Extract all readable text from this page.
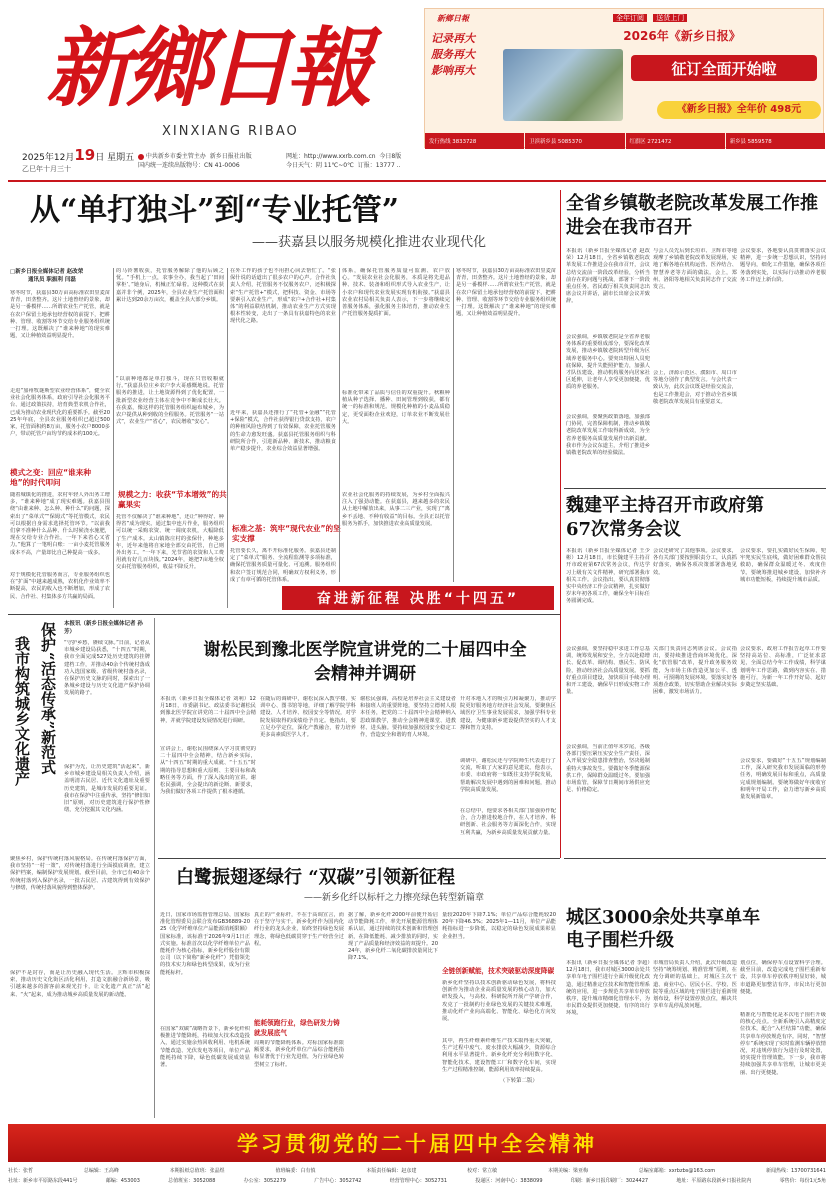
新鄉日報
XINXIANG RIBAO
2025年12月19日 星期五
乙巳年十月三十
中共新乡市委主管主办 新乡日报社出版
国内统一连续出版物号：CN 41-0006
网址：http://www.xxrb.com.cn 今日8版
今日天气：阴 11℃~0℃ 订报：13777 ..
新鄉日報	全年订阅 送货上门
2026年《新乡日报》
记录再大
服务再大
影响再大	征订全面开始啦
《新乡日报》全年价 498元
发行热线 3833728	卫滨新乡县 5085370	红旗区 2721472	新乡县 5859578
从“单打独斗”到“专业托管”
——获嘉县以服务规模化推进农业现代化
□新乡日报全媒体记者 赵改荣
通讯员 职振利 闫磊
寒冬时节，获嘉县30万亩高标准农田里麦苗青青，田垄整齐。这片土地曾经的景象，却是另一番模样……所谓农业生产托管，就是在农户保留土地承包经营权的前提下，把耕种、管理、收割等环节交给专业服务组织统一打理。这既解决了“谁来种地”的现实难题，又让种植效益明显提升。
走进“加州牧谜斯型农业经营体系”，健全农业社会化服务体系，政府引导社会化服务平台、通过政策扶持，培育典型农机合作社，已成为推动农业现代化的重要抓手。截至2025年年底，全县农业服务组织已超过500家，托管面积约8万亩，服务小农户8000多户，带动托管户亩均节约成本约100元。
模式之变：回应“谁来种地”的时代叩问
随着城镇化的推进，农村年轻人外出务工增多，“谁来种地”成了现实难题。获嘉县围绕“由谁来种、怎么种、种什么”的问题，探索出了“菜单式”“保姆式”等托管模式，农民可以根据自身需求选择托管环节。“以前我们拿不准种什么品种、什么时候浇水施肥，现在交给专业合作社，一年下来省心又省力。”他算了一笔明白账：一亩小麦托管服务成本不高，产量却比自己种提高一成多。
对于规模化托管服务而言，专业服务组织也在“扩面”中越来越成熟，农机化作业效率不断提高，农民的收入也不断增加，形成了农民、合作社、村集体多方共赢的局面。
的马铃薯收获，托管服务解除了他的后顾之忧。“手机上一点，农事全办，我当起了‘田间掌柜’。”她身后，机械正忙碌着。这种模式在获嘉并非个例，2025年，全县农业生产托管面积累计达到20余万亩次，覆盖全县大部分乡镇。
“以前种地都是单打独斗，现在只管收粮就行。”获嘉县位庄乡农户李大哥感慨地说。托管服务的推进，让土地资源得到了优化配置，一批新型农业经营主体在竞争中不断成长壮大。在获嘉，像这样的托管服务组织遍布城乡，为农户提供从种到收的全程服务。托管服务“一站式”，农业生产“省心”，农民增收“安心”。
规模之力：收获“节本增效”的共赢果实
托管不仅解决了“谁来种地”，还让“种得好、种得省”成为现实。通过集中连片作业，服务组织可以统一采购农资、统一调度农机，大幅降低了生产成本。太山镇陈庄村的张保什，种地多年，近年来他将自家地全部交由托管，自己则外出务工。“一年下来，光节省的农资和人工费用就有好几百块钱。”2024年，她把7亩地全权交由托管服务组织，收益不降反升。
在外工作的孩子也不用担心回去帮忙了。“张保什说的话道出了很多农户的心声。合作社负责人介绍，托管服务不仅服务农户，还积极探索“生产托管+”模式，把科技、资金、市场等要素引入农业生产，形成“农户+合作社+村集体”的利益联结机制，推动农业生产方式实现根本性转变，走出了一条具有获嘉特色的农业现代化之路。
近年来，获嘉县还推行了“托管+金融”“托管+保险”模式，合作社获得银行贷款支持，农户的种植风险也得到了有效保障，农业托管服务的生命力愈发旺盛。获嘉县托管服务组织与科研院所合作，引进新品种、新技术，推动粮食单产稳步提升，农业综合效益显著增强。
标准之基：筑牢“现代农业”的坚实支撑
托管要长久，离不开标准化服务。获嘉县还制定了“菜单式”服务、全流程监测等多项标准，确保托管服务质量可量化、可追溯。服务组织和农户签订规范合同，明确双方权利义务，形成了有章可循的托管体系。
体系，确保托管服务质量可监测、农户放心。“发展农业社会化服务，本质是将先进品种、技术、装备和组织形式导入农业生产，让小农户和现代农业发展实现有机衔接。”获嘉县农业农村局相关负责人表示，下一步将继续完善服务体系，强化服务主体培育，推动农业生产托管服务提质扩面。
标准化带来了品质与信任的双重提升。秋粮种植从种子选择、播种、田间管理到收获，都有统一的标准和规范。规模化种植的小麦品质稳定，更受面粉企业欢迎，订单农业不断发展壮大。
农业社会化服务的持续发展，为乡村全面振兴注入了强劲动能。在获嘉县，越来越多的农民从土地中解放出来，从事二三产业，实现了“离乡不丢地、不种有收益”的目标。全县正以托管服务为抓手，加快推进农业高质量发展。
寒冬时节，获嘉县30万亩高标准农田里麦苗青青，田垄整齐。这片土地曾经的景象，却是另一番模样……所谓农业生产托管，就是在农户保留土地承包经营权的前提下，把耕种、管理、收割等环节交给专业服务组织统一打理。这既解决了“谁来种地”的现实难题，又让种植效益明显提升。
奋进新征程 决胜“十四五”
全省乡镇敬老院改革发展工作推进会在我市召开
本报讯（新乡日报全媒体记者 赵改荣）12月18日，全省乡镇敬老院改革发展工作推进会在我市召开，会议总结交流前一阶段改革经验，分析当前存在的问题与挑战，部署下一阶段重点任务。省民政厅相关负责同志出席会议并讲话，副市长出席会议并致辞。
会议强调，乡镇敬老院是全省养老服务体系的重要组成部分，要深化改革发展，推动乡镇敬老院转型升级为区域养老服务中心。要突出特困人员兜底保障，提升失能照护能力，加强人才队伍建设，推动机构服务向居家社区延伸，让老年人享受更加便捷、优质的养老服务。
会议强调，要聚焦政策落地，加强部门协同，完善保障机制，推动乡镇敬老院改革发展工作取得新成效，为全省养老服务高质量发展作出新贡献。我市作为会议东道主，介绍了推进乡镇敬老院改革的经验做法。
与会人员先后到长垣市、卫辉市等地观摩了乡镇敬老院改革发展现场，实地了解各地在机构运营、医养结合、智慧养老等方面的做法。会上，郑州、洛阳等地相关负责同志作了交流发言。
会上，济源示范区、濮阳市、周口市等地分别作了典型发言。与会代表一致认为，此次会议既是经验交流会，也是工作推进会，对于推动全省乡镇敬老院改革发展具有重要意义。
会议要求，各地要认真贯彻落实会议精神，进一步统一思想认识，坚持问题导向，细化工作措施，确保各项任务落到实处，以实际行动推动养老服务工作迈上新台阶。
魏建平主持召开市政府第67次常务会议
本报讯（新乡日报全媒体记者 王少彬）12月18日，市长魏建平主持召开市政府第67次常务会议，传达学习上级有关文件精神，研究部署我市相关工作。会议指出，要认真贯彻落实中央经济工作会议精神，扎实做好岁末年初各项工作，确保全年目标任务圆满完成。
会议强调，要坚持稳中求进工作总基调，统筹发展和安全，全力以赴稳增长、促改革、调结构、惠民生、防风险，推动经济社会高质量发展。要抓好重点项目建设，加快项目手续办理和开工建设，确保早日形成实物工作量。
会议强调，当前正值年末岁尾，各级各部门要压紧压实安全生产责任，深入开展安全隐患排查整治，坚决遏制重特大事故发生。要做好冬季能源保供工作，保障群众温暖过冬。要加强市场监管，保障节日期间市场供应充足、价格稳定。
会议还研究了其他事项。会议要求，各有关部门要按照职责分工，认真抓好落实，确保各项决策部署落地见效。
关部门负责同志列席会议。会议指出，要持续推进营商环境优化，深化“放管服”改革，提升政务服务效能，为市场主体营造更加公平、透明、可预期的发展环境。要落实好各项惠企政策，切实帮助企业解决实际困难，激发市场活力。
会议要求，要扎实做好民生保障，兜牢兜实民生底线，做好困难群众帮扶救助，确保群众温暖过冬、欢度佳节。要统筹推进城乡建设，加快补齐城市功能短板，持续提升城市品质。
会议要求，政府工作报告起草工作要坚持高站位、高标准，广泛征求意见，全面总结今年工作成绩，科学谋划明年工作思路，做到内容实在、措施可行，为新一年工作开好局、起好步奠定坚实基础。
会议要求，要做好“十五五”规划编制工作，深入研究我市发展面临的形势任务，明确发展目标和重点，高质量完成规划编制。要统筹做好年度收官和明年开局工作，奋力谱写新乡高质量发展新篇章。
保护“活态传承”新范式
我市构筑城乡文化遗产
本报讯（新乡日报全媒体记者 孙芳）
“守护乡愁，赓续文脉。”日前，记者从市城乡建设局获悉，“十四五”时期，我市全面完成527处历史建筑的挂牌建档工作，并推动40余个传统村落成功入选国家级、省级传统村落名录，在保护历史文脉的同时，探索出了一条城乡建设与历史文化遗产保护协调发展的路子。
保护为先，让历史建筑“活起来”。新乡市城乡建设局相关负责人介绍，涵盖明清古民居、近代文化遗址及重要历史建筑，是城市发展的重要见证。我市在保护中注重传承，坚持“修旧如旧”原则，对历史建筑进行保护性修缮，充分挖掘其文化内涵。
聚焦乡村，保护传统村落风貌格局。在传统村落保护方面，我市坚持“一村一策”，对传统村落进行全面摸底调查，建立保护档案，编制保护发展规划。截至目前，全市已有40余个传统村落列入保护名录，一批古民居、古建筑得到有效保护与修缮，传统村落风貌得到整体保护。
保护不是封存，而是让历史融入现代生活。卫辉市积极探索，推动历史文化街区活化利用，打造文旅融合新场景，吸引越来越多的游客前来观光打卡，让文化遗产真正“活”起来、“火”起来，成为推动城乡高质量发展的新动能。
谢松民到豫北医学院宣讲党的二十届四中全会精神并调研
本报讯（新乡日报全媒体记者 刘利）12月18日，市委副书记、政法委书记谢松民到豫北医学院宣讲党的二十届四中全会精神，并就学院建设发展情况进行调研。
宣讲会上，谢松民围绕深入学习贯彻党的二十届四中全会精神，结合新乡实际，从“十四五”时期的重大成就、“十五五”时期的指导思想和重大原则、主要目标和战略任务等方面，作了深入浅出的宣讲。谢松民强调，全会提出的新论断、新要求，为我们做好各项工作提供了根本遵循。
在随后的调研中，谢松民深入教学楼、实训中心、图书馆等地，详细了解学院学科建设、人才培养、校园安全等情况，对学院发展取得的成绩给予肯定。他指出，要立足办学定位，深化产教融合，着力培养更多高素质医学人才。
谢松民强调，高校是培养社会主义建设者和接班人的重要阵地，要坚持立德树人根本任务，把党的二十届四中全会精神纳入思政课教学，推动全会精神进课堂、进教材、进头脑。要持续加强校园安全稳定工作，营造安全和谐的育人环境。
升对本地人才的吸引力和凝聚力，推动学院更好服务地方经济社会发展。要聚焦区域医疗卫生事业发展需求，加强学科专业建设，为健康新乡建设提供坚实的人才支撑和智力支持。
调研中，谢松民还与学院师生代表进行了交流，听取了大家的意见建议。他表示，市委、市政府将一如既往支持学院发展，帮助解决发展中遇到的困难和问题，推动学院高质量发展。
在总结中，他要求各相关部门加强协作配合，合力推进校地合作，在人才培养、科研创新、社会服务等方面深化合作，实现互利共赢，为新乡高质量发展贡献力量。
白鹭振翅逐绿行 “双碳”引领新征程
——新乡化纤以标杆之力擦亮绿色转型新篇章
近日，国家市场监督管理总局、国家标准化管理委员会联合发布GB36889-2025《化学纤维单位产品能源消耗限额》国家标准，该标准于2026年9月1日正式实施。标准首次以化学纤维单位产品能耗作为核心指标，新乡化纤股份有限公司（以下简称“新乡化纤”）凭借领先的技术实力和绿色转型成果，成为行业能耗标杆。
在国家“双碳”战略背景下，新乡化纤积极推进节能降耗，持续加大技术改造投入，通过实施余热回收利用、电机系统节能改造、光伏发电等项目，单位产品能耗持续下降，绿色低碳发展成效显著。
能耗领跑行业，绿色研发力铸就发展底气
真正的产业标杆，不在于高调宣言，而在于坚守与实干。新乡化纤作为国内化纤行业的龙头企业，始终坚持绿色发展理念，将绿色低碳贯穿于生产经营全过程。
周期的节能降耗体系。对标国家标准限额要求，新乡化纤单位产品综合能耗指标显著优于行业先进值，为行业绿色转型树立了标杆。
据了解，新乡化纤2000年前便开始启动节能降耗工作，率先开展能源管理体系认证，通过持续的技术创新和管理创新，在降低能耗、减少排放的同时，实现了产品质量和经济效益的双提升。2024年，新乡化纤二氧化碳排放量同比下降7.1%。
量较2020年下降7.1%；单位产品综合能耗较2020年下降46.3%；2025年1—11月，单位产品能耗指标进一步降低，以稳定的绿色发展成果彰显企业担当。
全链创新赋能，技术突破驱动深度降碳
新乡化纤坚持以技术创新驱动绿色发展，将科技创新作为推动企业高质量发展的核心动力，加大研发投入，与高校、科研院所开展产学研合作，攻克了一批制约行业绿色发展的关键技术难题，推动化纤产业向高端化、智能化、绿色化方向发展。
其中，再生纤维素纤维生产技术取得重大突破，生产过程中废气、废水排放大幅减少，资源综合利用水平显著提升。新乡化纤充分利用数字化、智能化技术，建设智能工厂和数字化车间，实现生产过程精准控制，能源利用效率持续提高。
（下转第二版）
城区3000余处共享单车电子围栏升级
本报讯（新乡日报全媒体记者 李超）12月18日，我市对城区3000余处共享单车电子围栏进行全面升级优化改造，通过精准定位技术和智能管理系统的应用，进一步规范共享单车停放秩序，提升城市精细化管理水平，为市民群众提供更加便捷、有序的出行环境。
市城管局负责人介绍，此次升级改造坚持“统筹规划、精准管理”原则，在充分调研的基础上，对城区主次干道、商业中心、居民小区、学校、医院等重点区域的电子围栏进行重新规划布设，科学设置停放点位，解决共享单车乱停乱放问题。
划点位，确保停车点设置科学合理。截至目前，改造完成电子围栏重新布设，共享单车停放秩序明显好转，城市道路更加整洁有序，市民出行更加便捷。
精准化与智能化是本次电子围栏升级的核心亮点。全新系统引入高精度定位技术，配合“入栏结算”功能，确保共享单车停放规范有序。同时，“智慧停车”系统实现了实时监测车辆停放情况，对违规停放行为进行及时处置，切实提升管理效能。下一步，我市将持续加强共享单车管理，让城市更美丽、出行更便捷。
学习贯彻党的二十届四中全会精神
社长：张哲	总编辑：王高峰	本期报纸总值班：张晶煜	值班编委：白有慎	本版责任编辑：赵彦建	校对：常立敏	本期美编：梁亚梅	总编室邮箱：xxrbzbs@163.com	新闻热线：13700731641
社址：新乡市平原路东段441号	邮编：453003	总值班室：3052088	办公室：3052279	广告中心：3052742	经营管理中心：3052731	投递区：河南中心：3838099	印刷：新乡日报印刷厂：3024427	地址：平原路东段新乡日报社院内	零售价：每份1元5角
